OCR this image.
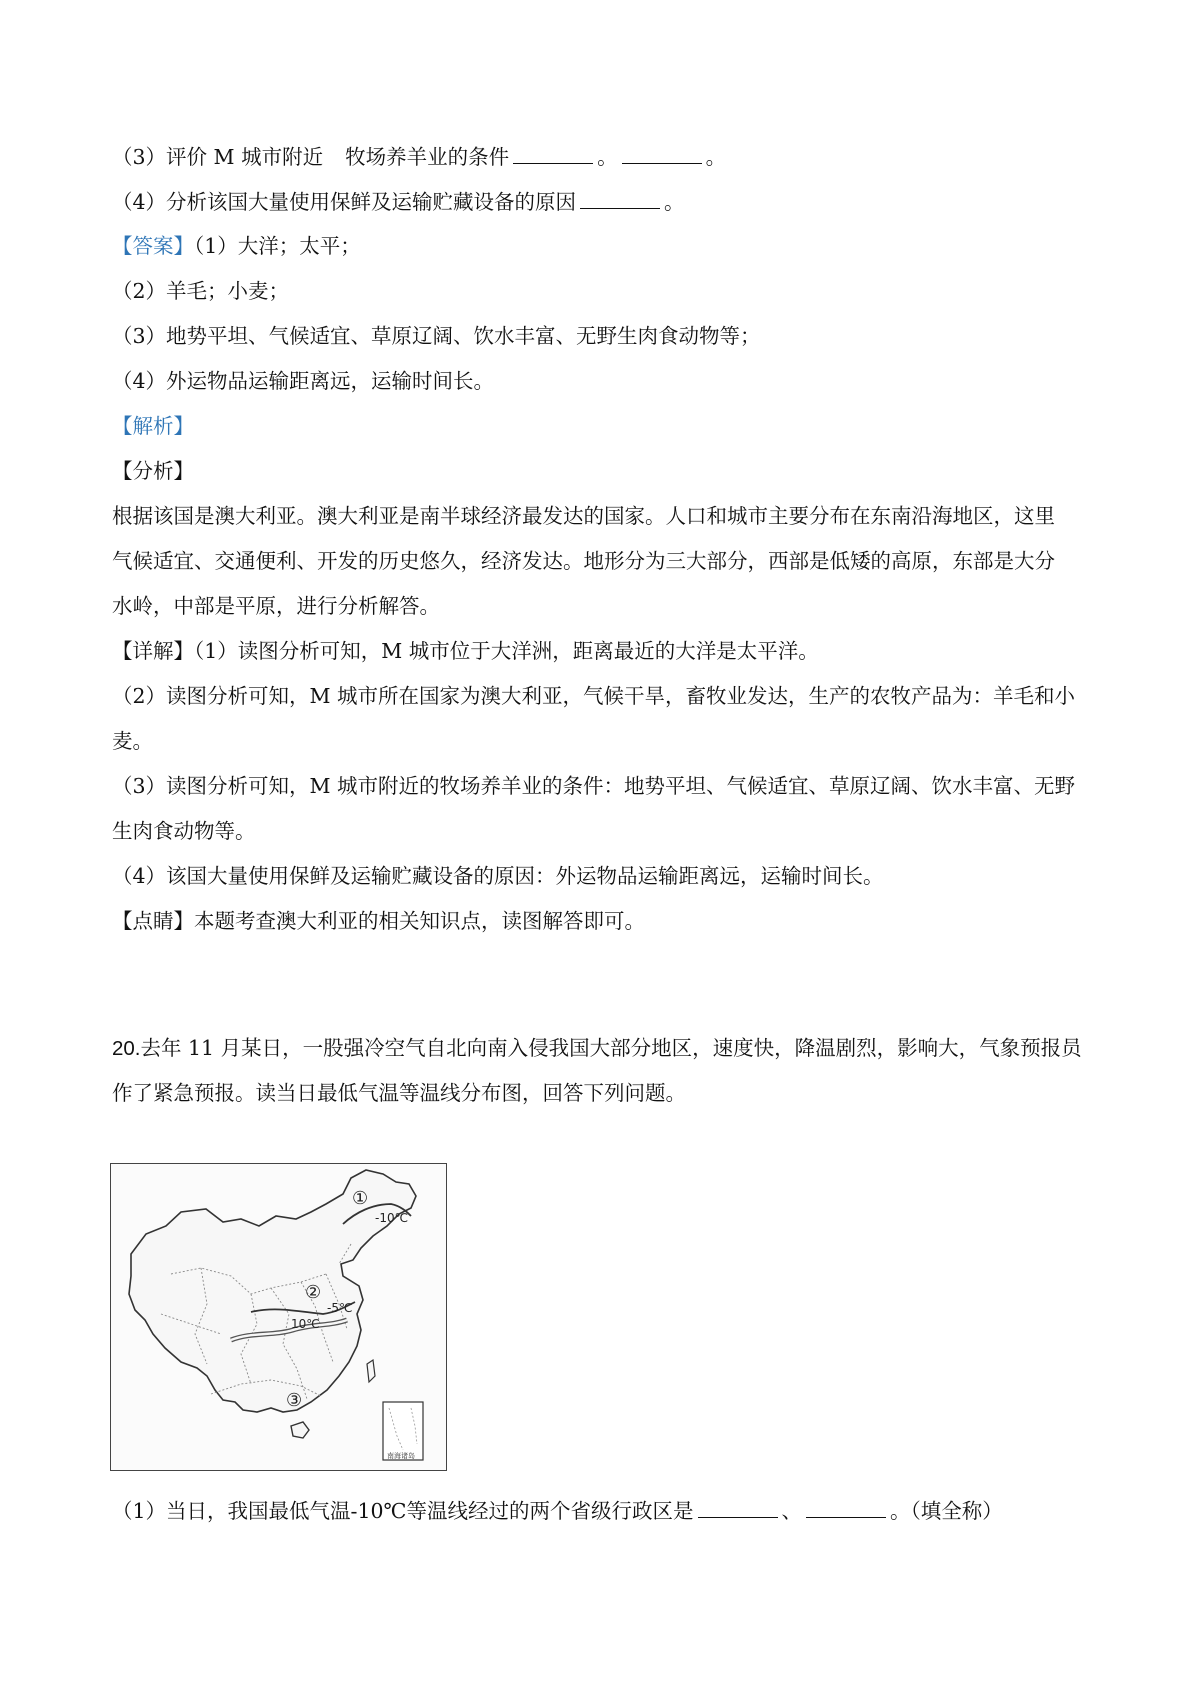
（3）评价 M 城市附近 牧场养羊业的条件	。	。
（4）分析该国大量使用保鲜及运输贮藏设备的原因	。
【答案】（1）大洋；太平；
（2）羊毛；小麦；
（3）地势平坦、气候适宜、草原辽阔、饮水丰富、无野生肉食动物等；
（4）外运物品运输距离远，运输时间长。
【解析】
【分析】
根据该国是澳大利亚。澳大利亚是南半球经济最发达的国家。人口和城市主要分布在东南沿海地区，这里
气候适宜、交通便利、开发的历史悠久，经济发达。地形分为三大部分，西部是低矮的高原，东部是大分
水岭，中部是平原，进行分析解答。
【详解】（1）读图分析可知，M 城市位于大洋洲，距离最近的大洋是太平洋。
（2）读图分析可知，M 城市所在国家为澳大利亚，气候干旱，畜牧业发达，生产的农牧产品为：羊毛和小
麦。
（3）读图分析可知，M 城市附近的牧场养羊业的条件：地势平坦、气候适宜、草原辽阔、饮水丰富、无野
生肉食动物等。
（4）该国大量使用保鲜及运输贮藏设备的原因：外运物品运输距离远，运输时间长。
【点睛】本题考查澳大利亚的相关知识点，读图解答即可。
20.去年 11 月某日，一股强冷空气自北向南入侵我国大部分地区，速度快，降温剧烈，影响大，气象预报员
作了紧急预报。读当日最低气温等温线分布图，回答下列问题。
①
②
③
-10℃
-5℃
10℃
南海诸岛
（1）当日，我国最低气温-10℃等温线经过的两个省级行政区是	、	。（填全称）
